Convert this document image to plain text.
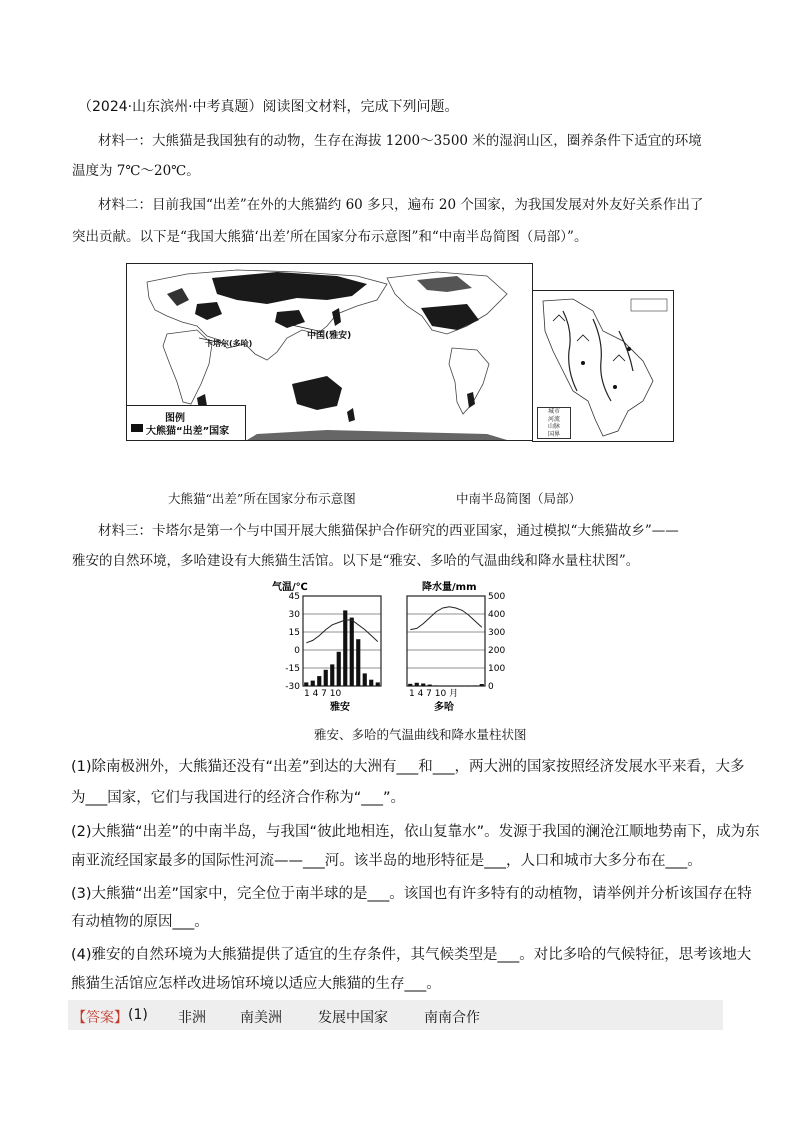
（2024·山东滨州·中考真题）阅读图文材料，完成下列问题。
材料一：大熊猫是我国独有的动物，生存在海拔 1200～3500 米的湿润山区，圈养条件下适宜的环境
温度为 7℃～20℃。
材料二：目前我国“出差”在外的大熊猫约 60 多只，遍布 20 个国家，为我国发展对外友好关系作出了
突出贡献。以下是“我国大熊猫‘出差’所在国家分布示意图”和“中南半岛简图（局部）”。
中国(雅安)
卡塔尔(多哈)
图例
大熊猫“出差”国家
城市
河流
山脉
国界
大熊猫“出差”所在国家分布示意图	中南半岛简图（局部）
材料三：卡塔尔是第一个与中国开展大熊猫保护合作研究的西亚国家，通过模拟“大熊猫故乡”——
雅安的自然环境，多哈建设有大熊猫生活馆。以下是“雅安、多哈的气温曲线和降水量柱状图”。
气温/℃	降水量/mm
45
30
15
0
-15
-30
500
400
300
200
100
0
1 4 7 10	1 4 7 10 月
雅安	多哈
雅安、多哈的气温曲线和降水量柱状图
(1)除南极洲外，大熊猫还没有“出差”到达的大洲有___和___，两大洲的国家按照经济发展水平来看，大多
为___国家，它们与我国进行的经济合作称为“___”。
(2)大熊猫“出差”的中南半岛，与我国“彼此地相连，依山复靠水”。发源于我国的澜沧江顺地势南下，成为东
南亚流经国家最多的国际性河流——___河。该半岛的地形特征是___，人口和城市大多分布在___。
(3)大熊猫“出差”国家中，完全位于南半球的是___。该国也有许多特有的动植物，请举例并分析该国存在特
有动植物的原因___。
(4)雅安的自然环境为大熊猫提供了适宜的生存条件，其气候类型是___。对比多哈的气候特征，思考该地大
熊猫生活馆应怎样改进场馆环境以适应大熊猫的生存___。
【答案】 (1) 非洲 南美洲	发展中国家	南南合作
